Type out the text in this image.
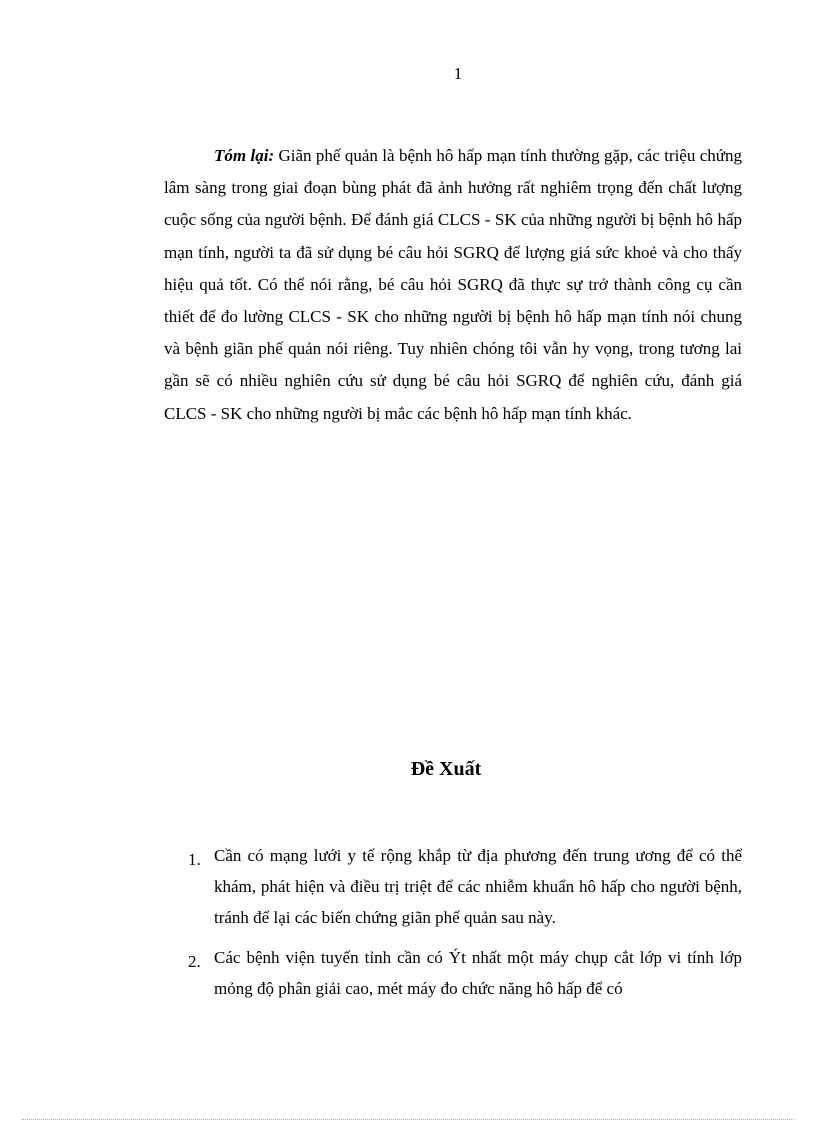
1

Tóm lại: Giãn phế quản là bệnh hô hấp mạn tính thường gặp, các triệu chứng lâm sàng trong giai đoạn bùng phát đã ảnh hưởng rất nghiêm trọng đến chất lượng cuộc sống của người bệnh. Để đánh giá CLCS - SK của những người bị bệnh hô hấp mạn tính, người ta đã sử dụng bé câu hỏi SGRQ để lượng giá sức khoẻ và cho thấy hiệu quả tốt. Có thể nói rằng, bé câu hỏi SGRQ đã thực sự trở thành công cụ cần thiết để đo lường CLCS - SK cho những người bị bệnh hô hấp mạn tính nói chung và bệnh giãn phế quản nói riêng. Tuy nhiên chóng tôi vẫn hy vọng, trong tương lai gần sẽ có nhiều nghiên cứu sử dụng bé câu hỏi SGRQ để nghiên cứu, đánh giá CLCS - SK cho những người bị mắc các bệnh hô hấp mạn tính khác.

Đề Xuất
1. Cần có mạng lưới y tế rộng khắp từ địa phương đến trung ương để có thể khám, phát hiện và điều trị triệt để các nhiễm khuẩn hô hấp cho người bệnh, tránh để lại các biến chứng giãn phế quản sau này.
2. Các bệnh viện tuyến tỉnh cần có Ýt nhất một máy chụp cắt lớp vi tính lớp mỏng độ phân giải cao, mét máy đo chức năng hô hấp để có
